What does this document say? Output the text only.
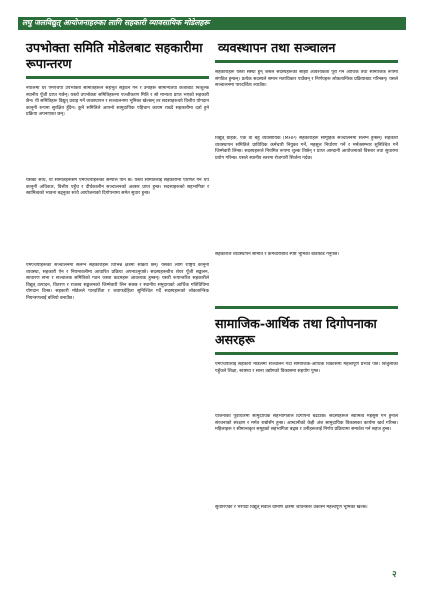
लघु जलविद्युत् आयोजनाहरुका लागि सहकारी व्यावसायिक मोडेलहरू
उपभोक्ता समिति मोडेलबाट सहकारीमा रूपान्तरण

नेपालमा धेरै एमएचपी उपभोक्ता समितिहरूले सहभूत सङ्गठन गर्न र उनीहरू सामान्यतया कर्जाबाट निःशुल्क स्थानीय पूँजी प्राप्त गर्छन्। यस्तो उपभोक्ता समितिहरूमा पञ्जीकरण मिति र सो मान्यता प्राप्त भएको सहकारी छैन। यी समितिहरू विद्युत् प्रवाह गर्ने व्यवस्थापन र सञ्चालनमा भूमिका खेल्छन् तर सदस्यहरूको वित्तीय योगदान कानूनी रूपमा सुरक्षित हुँदैन। कुनै समितिले आफ्नो सामुदायिक पहिचान कायम राख्दै सहकारीमा दर्ता हुने प्रक्रिया अपनाएका छन्।

यसका साथै, यी समितिहरूसँग एमएचपीहरूको सम्पत्ति पनि छ। यस्तो समितिलाई सहकारीमा परिणत गर्न थप कानूनी अधिकार, वित्तीय पहुँच र दीर्घकालीन सञ्चालनको अवसर प्राप्त हुन्छ। सदस्यहरूको सहभागिता र स्वामित्वको भावना बढ्नुका साथै आयोजनाको दिगोपनामा समेत सुधार हुन्छ।

एमएचपीहरूको सञ्चालनमा संलग्न सहकारीहरू विभिन्न क्षेत्रमा सक्रिय छन्। यसका लागि राष्ट्रिय कानूनी व्यवस्था, सहकारी ऐन र नियमावलीमा आधारित प्रक्रिया अपनाउनुपर्छ। सदस्यहरूबीच शेयर पूँजी सङ्कलन, साधारण सभा र सञ्चालक समितिको गठन जस्ता कदमहरू आवश्यक हुन्छन्। यसरी रूपान्तरित सहकारीले विद्युत् उत्पादन, वितरण र राजस्व सङ्कलनको जिम्मेवारी लिन सक्छ र स्थानीय समुदायको आर्थिक गतिविधिमा योगदान दिन्छ। सहकारी मोडेलले पारदर्शिता र जवाफदेहिता सुनिश्चित गर्दै सदस्यहरूको लोकतान्त्रिक नियन्त्रणलाई बलियो बनाउँछ।

व्यवस्थापन तथा सञ्चालन

सहकारीहरू यस्ता संस्था हुन् जसले सदस्यहरूको साझा आवश्यकता पूरा गर्न आर्थिक तथा सामाजिक रूपमा संगठित हुन्छन्। प्रत्येक सदस्यले समान मताधिकार पाउँछन् र निर्णयहरू लोकतान्त्रिक प्रक्रियाबाट गरिन्छन्। यसले सञ्चालनमा पारदर्शिता ल्याउँछ।

विद्युत् ग्राहक, एक वा बहु व्यवसायिक (MHP) सहकारीहरू सामूहिक सञ्चालनमा संलग्न हुन्छन्। सहकारी व्यवस्थापन समितिले प्राविधिक कर्मचारी नियुक्त गर्ने, महसुल निर्धारण गर्ने र मर्मतसम्भार सुनिश्चित गर्ने जिम्मेवारी लिन्छ। सदस्यहरूले नियमित रूपमा शुल्क तिर्छन् र प्राप्त आम्दानी आयोजनाको विस्तार तथा सुधारमा प्रयोग गरिन्छ। यसले स्थानीय स्तरमा रोजगारी सिर्जना गर्दछ।

सहकारीले व्यवस्थापन समिति र कर्मचारीबीच स्पष्ट भूमिका बाँडफाँड गर्नुपर्छ।

सामाजिक-आर्थिक तथा दिगोपनाका असरहरू

एमएचपीलाई सहकारी मोडेलमा सञ्चालन गर्दा सामाजिक-आर्थिक विकासमा महत्त्वपूर्ण प्रभाव पर्छ। बिजुलीको पहुँचले शिक्षा, स्वास्थ्य र साना उद्योगको विकासमा सहयोग पुग्छ।

योजनाको पूर्वाधारमा सामुदायिक सहभागिताले दिगोपना बढाउँछ। सदस्यहरूले स्वामित्व महसुस गर्ने हुनाले संरचनाको संरक्षण र मर्मत राम्रोसँग हुन्छ। आम्दानीको केही अंश सामुदायिक विकासका कार्यमा खर्च गरिन्छ। महिलाहरू र सीमान्तकृत समूहको सहभागिता बढ्छ र उनीहरूलाई निर्णय प्रक्रियामा समावेश गर्न सहज हुन्छ।

सुधारिएको र भरपर्दो विद्युत् सेवाले ग्रामीण क्षेत्रमा जीवनस्तर उकास्न महत्त्वपूर्ण भूमिका खेल्छ।

२
